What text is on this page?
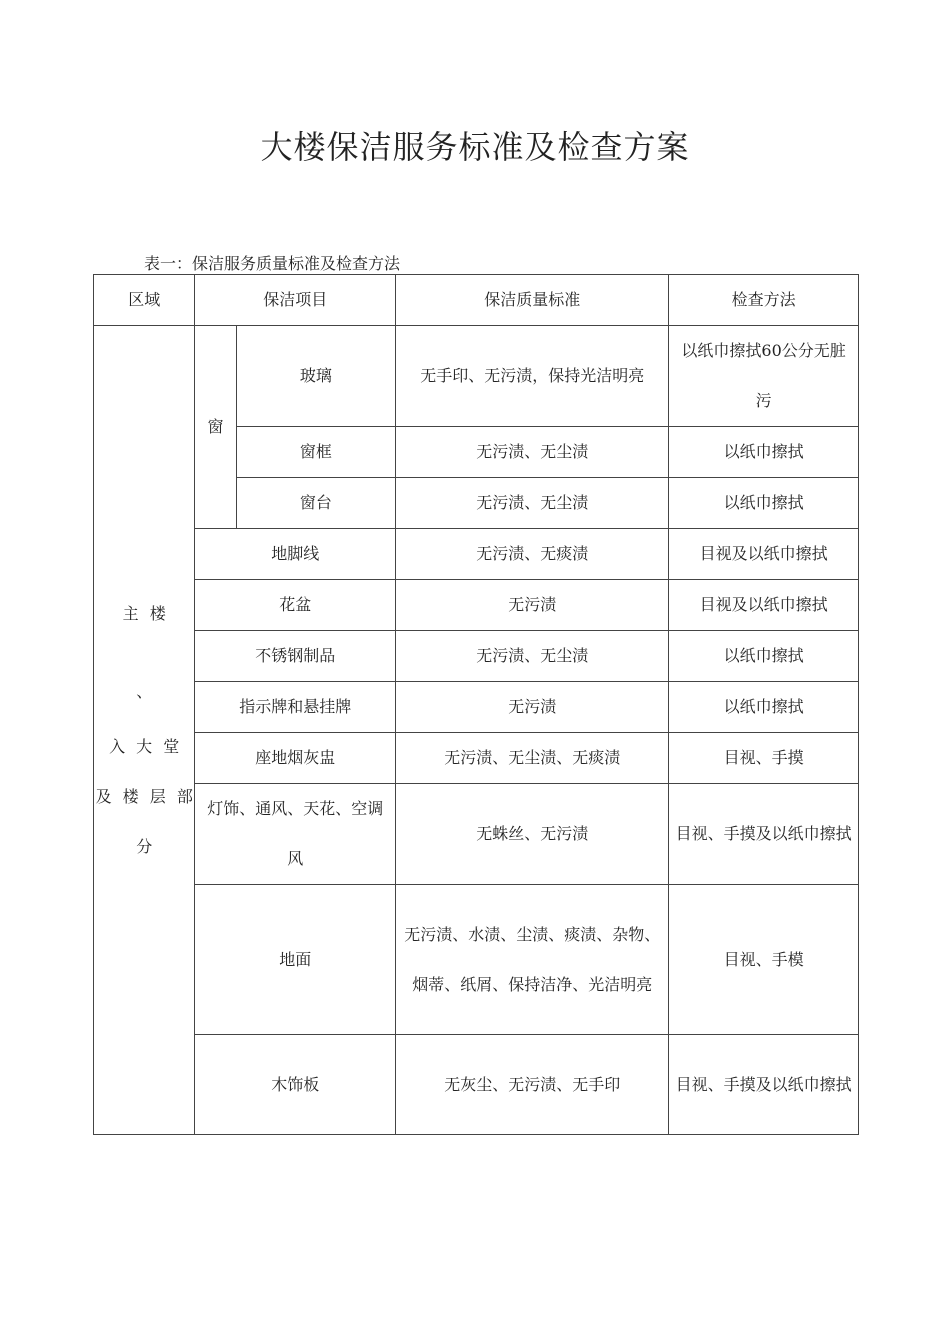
大楼保洁服务标准及检查方案
表一：保洁服务质量标准及检查方法
区域	保洁项目		保洁质量标准	检查方法

主 楼
、
入 大 堂
及 楼 层 部
分	窗	玻璃	无手印、无污渍，保持光洁明亮	以纸巾擦拭60公分无脏污

		窗框	无污渍、无尘渍	以纸巾擦拭
		窗台	无污渍、无尘渍	以纸巾擦拭
	地脚线		无污渍、无痰渍	目视及以纸巾擦拭
	花盆		无污渍	目视及以纸巾擦拭
	不锈钢制品		无污渍、无尘渍	以纸巾擦拭
	指示牌和悬挂牌		无污渍	以纸巾擦拭
	座地烟灰盅		无污渍、无尘渍、无痰渍	目视、手摸

	灯饰、通风、天花、空调风		无蛛丝、无污渍	目视、手摸及以纸巾擦拭

	地面		无污渍、水渍、尘渍、痰渍、杂物、烟蒂、纸屑、保持洁净、光洁明亮	目视、手模
	木饰板		无灰尘、无污渍、无手印	目视、手摸及以纸巾擦拭
